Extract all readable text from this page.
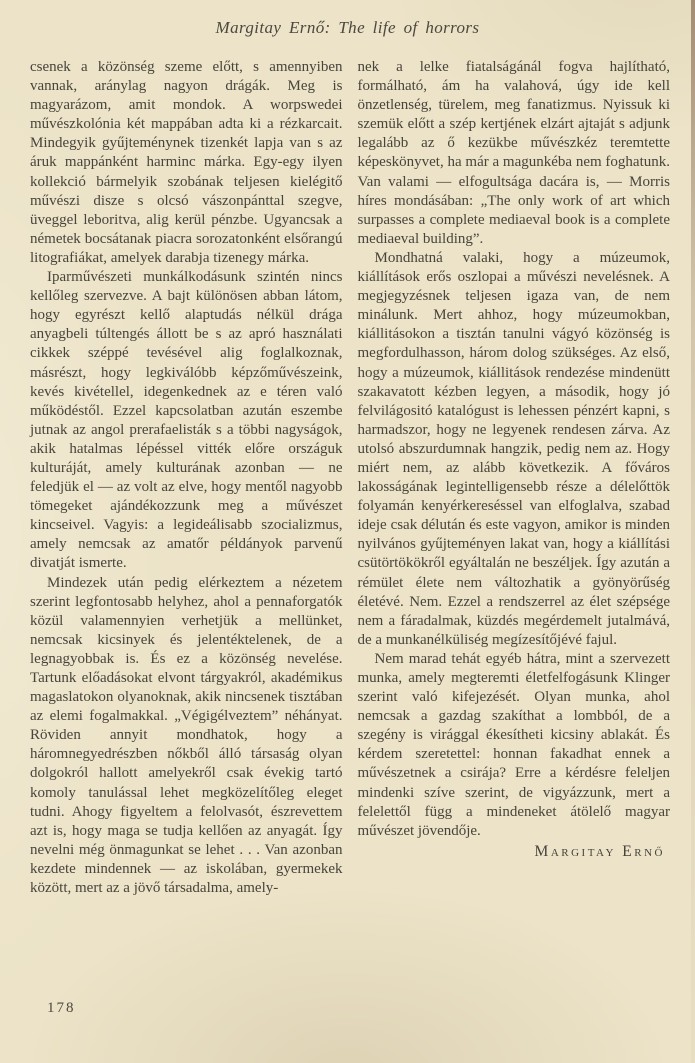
Margitay Ernő: The life of horrors

csenek a közönség szeme előtt, s amennyiben vannak, aránylag nagyon drágák. Meg is magyarázom, amit mondok. A worpswedei művészkolónia két mappában adta ki a rézkarcait. Mindegyik gyűjteménynek tizenkét lapja van s az áruk mappánként harminc márka. Egy-egy ilyen kollekció bármelyik szobának teljesen kielégitő művészi disze s olcsó vászonpánttal szegve, üveggel leboritva, alig kerül pénzbe. Ugyancsak a németek bocsátanak piacra sorozatonként elsőrangú litografiákat, amelyek darabja tizenegy márka.

Iparművészeti munkálkodásunk szintén nincs kellőleg szervezve. A bajt különösen abban látom, hogy egyrészt kellő alaptudás nélkül drága anyagbeli túltengés állott be s az apró használati cikkek széppé tevésével alig foglalkoznak, másrészt, hogy legkiválóbb képzőművészeink, kevés kivétellel, idegenkednek az e téren való működéstől. Ezzel kapcsolatban azután eszembe jutnak az angol prerafaelisták s a többi nagyságok, akik hatalmas lépéssel vitték előre országuk kulturáját, amely kulturának azonban — ne feledjük el — az volt az elve, hogy mentől nagyobb tömegeket ajándékozzunk meg a művészet kincseivel. Vagyis: a legideálisabb szocializmus, amely nemcsak az amatőr példányok parvenű divatját ismerte.

Mindezek után pedig elérkeztem a nézetem szerint legfontosabb helyhez, ahol a pennaforgatók közül valamennyien verhetjük a mellünket, nemcsak kicsinyek és jelentéktelenek, de a legnagyobbak is. És ez a közönség nevelése. Tartunk előadásokat elvont tárgyakról, akadémikus magaslatokon olyanoknak, akik nincsenek tisztában az elemi fogalmakkal. „Végigélveztem” néhányat. Röviden annyit mondhatok, hogy a háromnegyedrészben nőkből álló társaság olyan dolgokról hallott amelyekről csak évekig tartó komoly tanulással lehet megközelítőleg eleget tudni. Ahogy figyeltem a felolvasót, észrevettem azt is, hogy maga se tudja kellően az anyagát. Így nevelni még önmagunkat se lehet . . . Van azonban kezdete mindennek — az iskolában, gyermekek között, mert az a jövő társadalma, amely-

nek a lelke fiatalságánál fogva hajlítható, formálható, ám ha valahová, úgy ide kell önzetlenség, türelem, meg fanatizmus. Nyissuk ki szemük előtt a szép kertjének elzárt ajtaját s adjunk legalább az ő kezükbe művészkéz teremtette képeskönyvet, ha már a magunkéba nem foghatunk. Van valami — elfogultsága dacára is, — Morris híres mondásában: „The only work of art which surpasses a complete mediaeval book is a complete mediaeval building”.

Mondhatná valaki, hogy a múzeumok, kiállítások erős oszlopai a művészi nevelésnek. A megjegyzésnek teljesen igaza van, de nem minálunk. Mert ahhoz, hogy múzeumokban, kiállitásokon a tisztán tanulni vágyó közönség is megfordulhasson, három dolog szükséges. Az első, hogy a múzeumok, kiállitások rendezése mindenütt szakavatott kézben legyen, a második, hogy jó felvilágositó katalógust is lehessen pénzért kapni, s harmadszor, hogy ne legyenek rendesen zárva. Az utolsó abszurdumnak hangzik, pedig nem az. Hogy miért nem, az alább következik. A főváros lakosságának legintelligensebb része a délelőttök folyamán kenyérkereséssel van elfoglalva, szabad ideje csak délután és este vagyon, amikor is minden nyilvános gyűjteményen lakat van, hogy a kiállítási csütörtökökről egyáltalán ne beszéljek. Így azután a rémület élete nem változhatik a gyönyörűség életévé. Nem. Ezzel a rendszerrel az élet szépsége nem a fáradalmak, küzdés megérdemelt jutalmává, de a munkanélküliség megízesítőjévé fajul.

Nem marad tehát egyéb hátra, mint a szervezett munka, amely megteremti életfelfogásunk Klinger szerint való kifejezését. Olyan munka, ahol nemcsak a gazdag szakíthat a lombból, de a szegény is virággal ékesítheti kicsiny ablakát. És kérdem szeretettel: honnan fakadhat ennek a művészetnek a csirája? Erre a kérdésre feleljen mindenki szíve szerint, de vigyázzunk, mert a felelettől függ a mindeneket átölelő magyar művészet jövendője.

Margitay Ernő
178
